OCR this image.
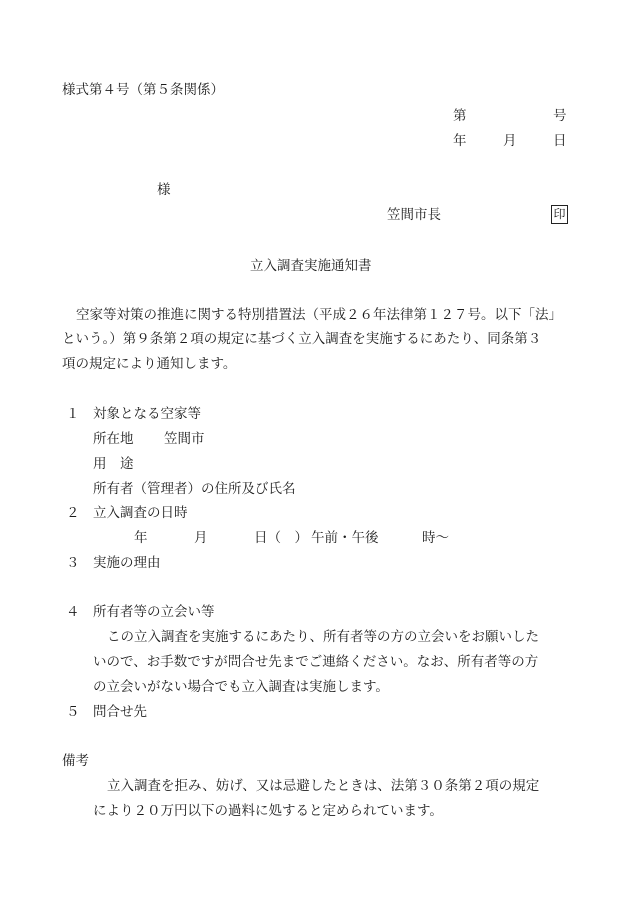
様式第４号（第５条関係）
第	号
年	月	日
様
笠間市長	印
立入調査実施通知書
空家等対策の推進に関する特別措置法（平成２６年法律第１２７号。以下「法」
という。）第９条第２項の規定に基づく立入調査を実施するにあたり、同条第３
項の規定により通知します。
１ 対象となる空家等
所在地 笠間市
用　途
所有者（管理者）の住所及び氏名
２ 立入調査の日時
年	月	日（　） 午前・午後	時～
３ 実施の理由
４ 所有者等の立会い等
この立入調査を実施するにあたり、所有者等の方の立会いをお願いした
いので、お手数ですが問合せ先までご連絡ください。なお、所有者等の方
の立会いがない場合でも立入調査は実施します。
５ 問合せ先
備考
立入調査を拒み、妨げ、又は忌避したときは、法第３０条第２項の規定
により２０万円以下の過料に処すると定められています。
